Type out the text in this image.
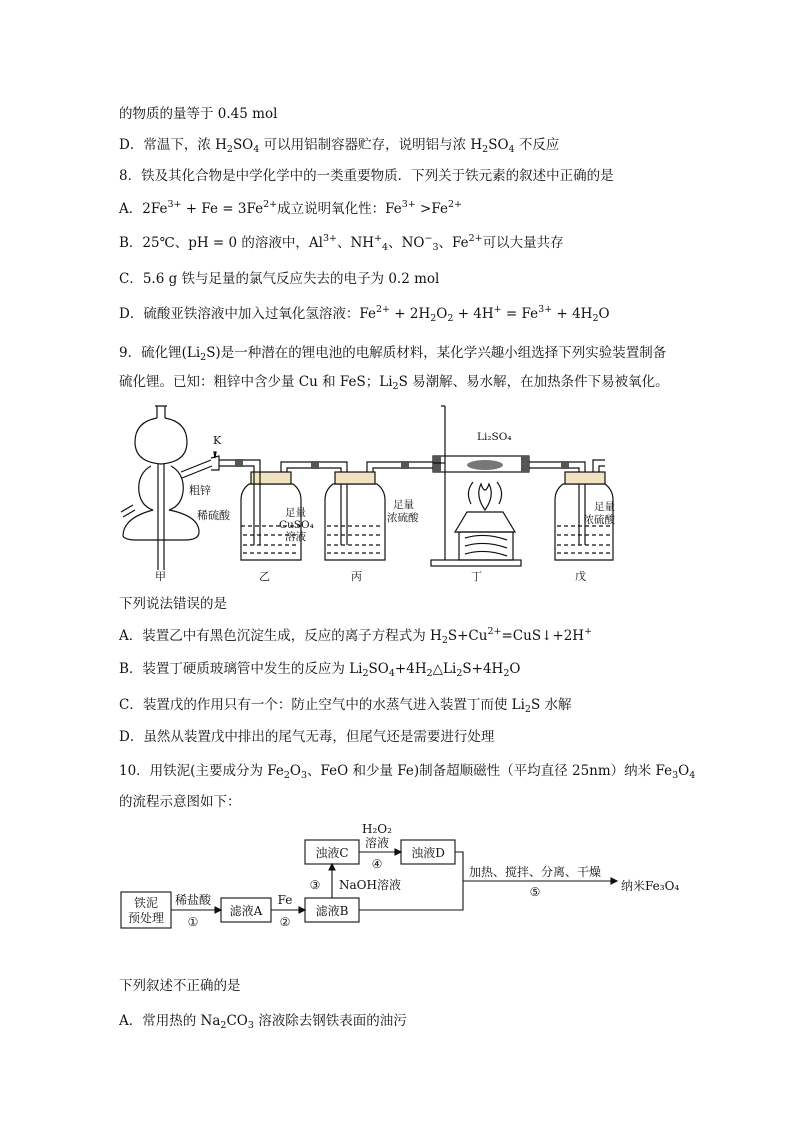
的物质的量等于 0.45 mol
D．常温下，浓 $H_2SO_4$ 可以用铝制容器贮存，说明铝与浓 $H_2SO_4$ 不反应
8．铁及其化合物是中学化学中的一类重要物质．下列关于铁元素的叙述中正确的是
A．$2Fe^{3+} + Fe = 3Fe^{2+}$成立说明氧化性：$Fe^{3+} >Fe^{2+}$
B．25℃、pH = 0 的溶液中，$Al^{3+}$、$NH^+_4$、$NO^-_3$、$Fe^{2+}$可以大量共存
C．5.6 g 铁与足量的氯气反应失去的电子为 0.2 mol
D．硫酸亚铁溶液中加入过氧化氢溶液：$Fe^{2+} + 2H_2O_2 + 4H^+ = Fe^{3+} + 4H_2O$
9．硫化锂$(Li_2S)$是一种潜在的锂电池的电解质材料，某化学兴趣小组选择下列实验装置制备
硫化锂。已知：粗锌中含少量 Cu 和 FeS；$Li_2S$ 易潮解、易水解，在加热条件下易被氧化。
下列说法错误的是
A．装置乙中有黑色沉淀生成，反应的离子方程式为 $H_2S+Cu^{2+}=CuS↓+2H^+$
B．装置丁硬质玻璃管中发生的反应为 $Li_2SO_4+4H_2\triangle Li_2S+4H_2O$
C．装置戊的作用只有一个：防止空气中的水蒸气进入装置丁而使 $Li_2S$ 水解
D．虽然从装置戊中排出的尾气无毒，但尾气还是需要进行处理
10．用铁泥(主要成分为 $Fe_2O_3$、FeO 和少量 Fe)制备超顺磁性（平均直径 25nm）纳米 $Fe_3O_4$
的流程示意图如下：
下列叙述不正确的是
A．常用热的 $Na_2CO_3$ 溶液除去钢铁表面的油污
K
粗锌
稀硫酸	足量
CuSO₄
溶液
足量
浓硫酸
Li₂SO₄
足量
浓硫酸
甲	乙	丙	丁	戊
铁泥
预处理	滤液A	滤液B
浊液C	浊液D
稀盐酸
①
Fe
②
③ NaOH溶液
H₂O₂
溶液
④
加热、搅拌、分离、干燥
⑤	纳米Fe₃O₄
